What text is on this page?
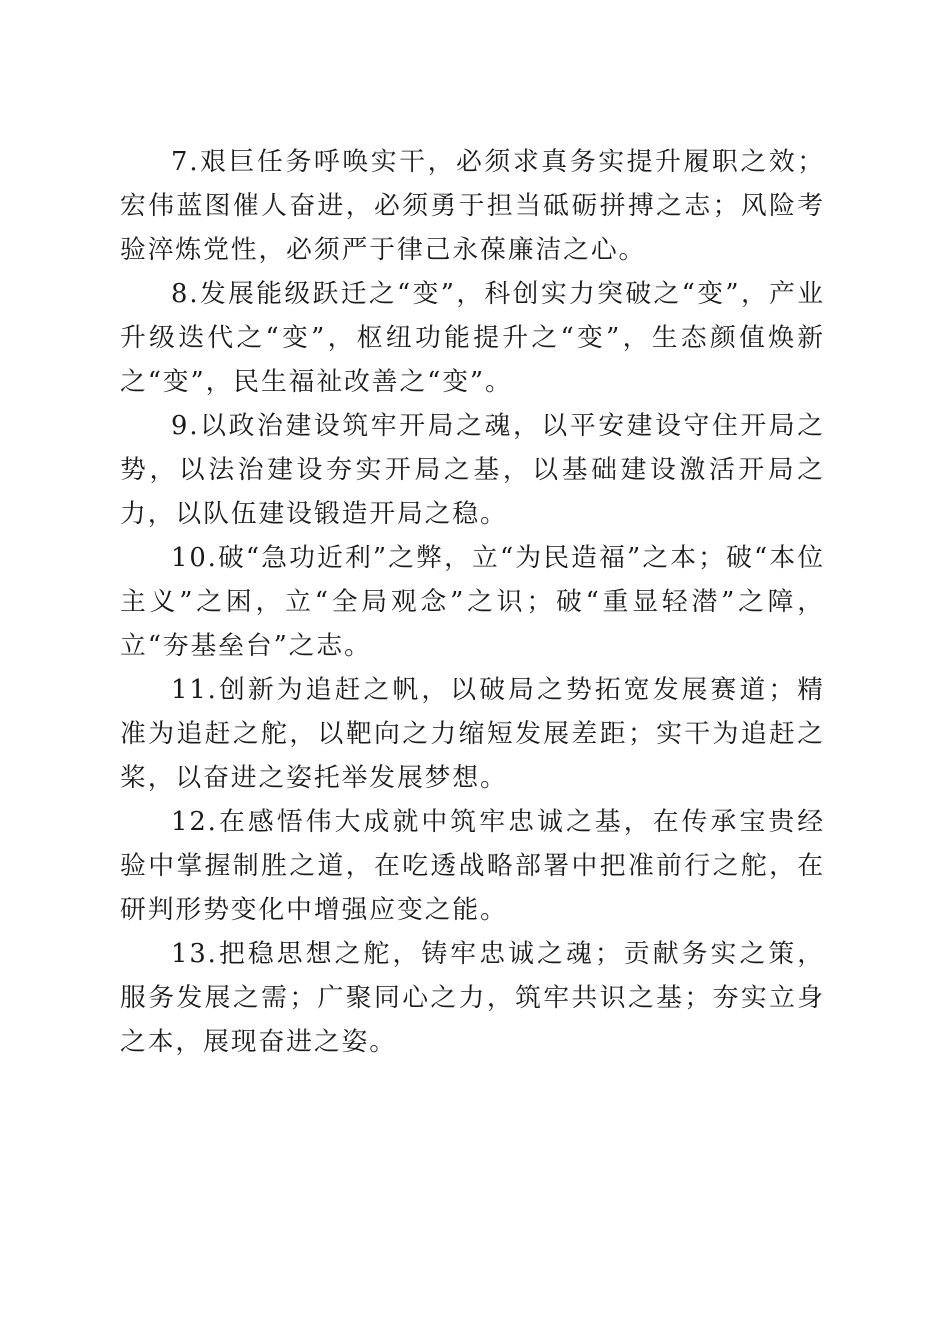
7.艰巨任务呼唤实干，必须求真务实提升履职之效；宏伟蓝图催人奋进，必须勇于担当砥砺拼搏之志；风险考验淬炼党性，必须严于律己永葆廉洁之心。

8.发展能级跃迁之“变”，科创实力突破之“变”，产业升级迭代之“变”，枢纽功能提升之“变”，生态颜值焕新之“变”，民生福祉改善之“变”。

9.以政治建设筑牢开局之魂，以平安建设守住开局之势，以法治建设夯实开局之基，以基础建设激活开局之力，以队伍建设锻造开局之稳。

10.破“急功近利”之弊，立“为民造福”之本；破“本位主义”之困，立“全局观念”之识；破“重显轻潜”之障，立“夯基垒台”之志。

11.创新为追赶之帆，以破局之势拓宽发展赛道；精准为追赶之舵，以靶向之力缩短发展差距；实干为追赶之桨，以奋进之姿托举发展梦想。

12.在感悟伟大成就中筑牢忠诚之基，在传承宝贵经验中掌握制胜之道，在吃透战略部署中把准前行之舵，在研判形势变化中增强应变之能。

13.把稳思想之舵，铸牢忠诚之魂；贡献务实之策，服务发展之需；广聚同心之力，筑牢共识之基；夯实立身之本，展现奋进之姿。
